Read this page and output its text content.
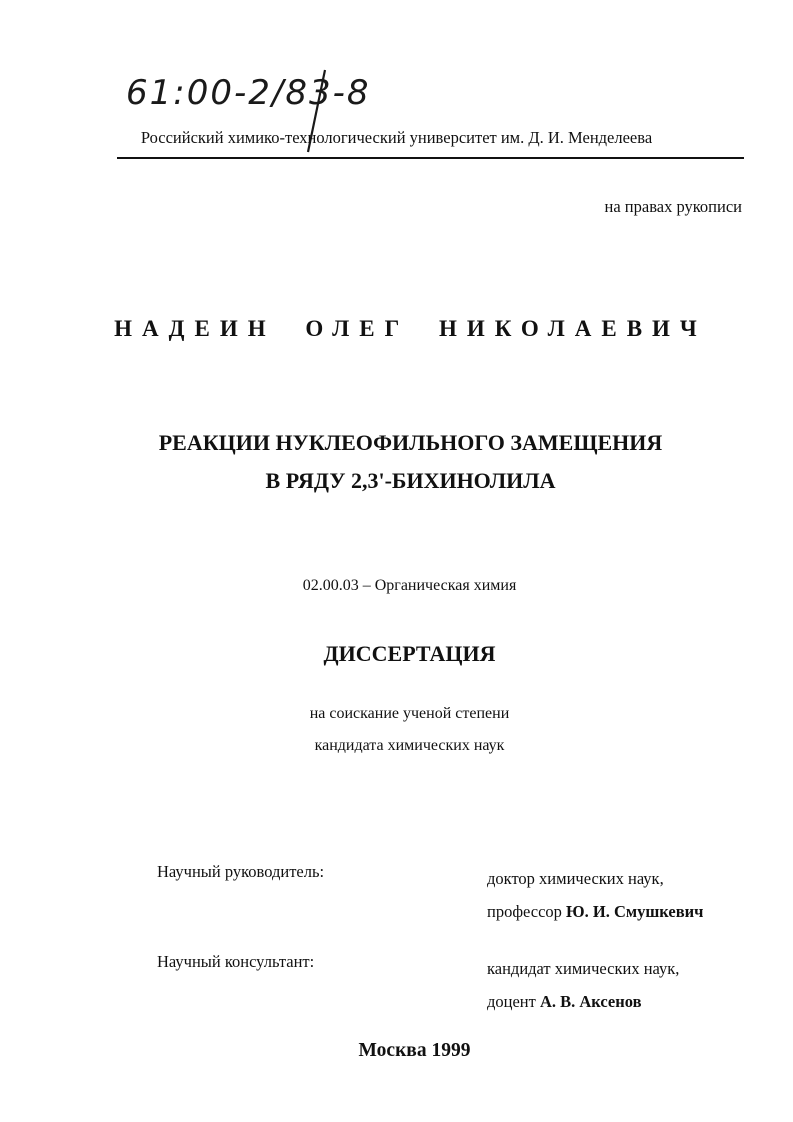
61:00-2/83-8

Российский химико-технологический университет им. Д. И. Менделеева

на правах рукописи

НАДЕИН ОЛЕГ НИКОЛАЕВИЧ

РЕАКЦИИ НУКЛЕОФИЛЬНОГО ЗАМЕЩЕНИЯ
В РЯДУ 2,3'-БИХИНОЛИЛА

02.00.03 – Органическая химия

ДИССЕРТАЦИЯ

на соискание ученой степени
кандидата химических наук
Научный руководитель:	доктор химических наук,
профессор Ю. И. Смушкевич
Научный консультант:	кандидат химических наук,
доцент А. В. Аксенов

Москва 1999
